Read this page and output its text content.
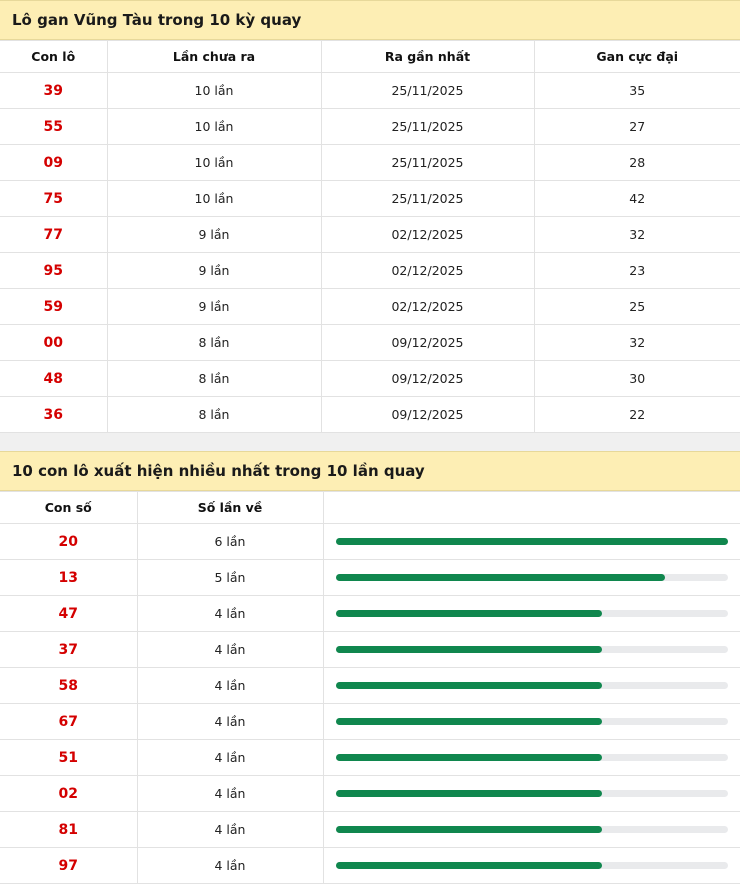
Lô gan Vũng Tàu trong 10 kỳ quay
Con lô	Lần chưa ra	Ra gần nhất	Gan cực đại
39	10 lần	25/11/2025	35
55	10 lần	25/11/2025	27
09	10 lần	25/11/2025	28
75	10 lần	25/11/2025	42
77	9 lần	02/12/2025	32
95	9 lần	02/12/2025	23
59	9 lần	02/12/2025	25
00	8 lần	09/12/2025	32
48	8 lần	09/12/2025	30
36	8 lần	09/12/2025	22
10 con lô xuất hiện nhiều nhất trong 10 lần quay
Con số	Số lần về	
20	6 lần	

13	5 lần	

47	4 lần	

37	4 lần	

58	4 lần	

67	4 lần	

51	4 lần	

02	4 lần	

81	4 lần	

97	4 lần	
